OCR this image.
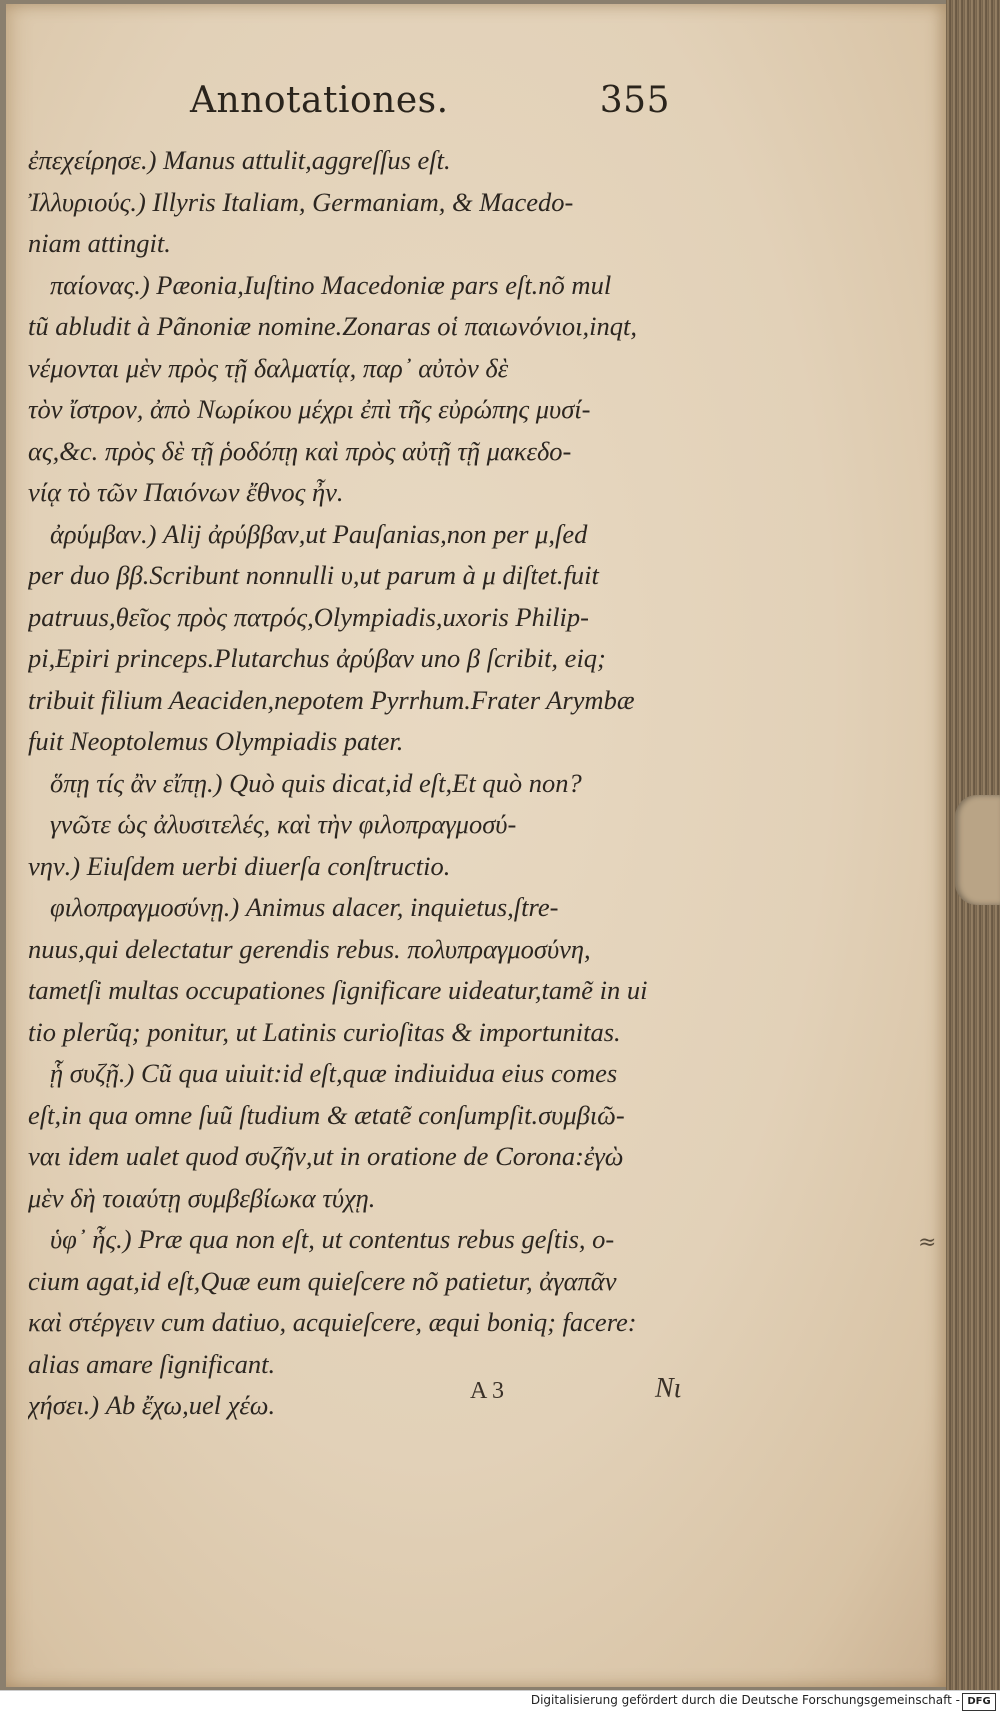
Annotationes.	355
ἐπεχείρησε.) Manus attulit,aggreſſus eſt.
Ἰλλυριούς.) Illyris Italiam, Germaniam, & Macedo-
niam attingit.
παίονας.) Pæonia,Iuſtino Macedoniæ pars eſt.nõ mul
tũ abludit à Pãnoniæ nomine.Zonaras οἱ παιωνόνιοι,inqt,
νέμονται μὲν πρὸς τῇ δαλματίᾳ, παρ᾽ αὐτὸν δὲ
τὸν ἴστρον, ἀπὸ Νωρίκου μέχρι ἐπὶ τῆς εὐρώπης μυσί-
ας,&c. πρὸς δὲ τῇ ῥοδόπῃ καὶ πρὸς αὐτῇ τῇ μακεδο-
νίᾳ τὸ τῶν Παιόνων ἔθνος ἦν.
ἀρύμβαν.) Alij ἀρύββαν,ut Pauſanias,non per μ,ſed
per duo ββ.Scribunt nonnulli υ,ut parum à μ diſtet.fuit
patruus,θεῖος πρὸς πατρός,Olympiadis,uxoris Philip-
pi,Epiri princeps.Plutarchus ἀρύβαν uno β ſcribit, eiq;
tribuit filium Aeaciden,nepotem Pyrrhum.Frater Arymbæ
fuit Neoptolemus Olympiadis pater.
ὅπῃ τίς ἂν εἴπῃ.) Quò quis dicat,id eſt,Et quò non?
γνῶτε ὡς ἀλυσιτελές, καὶ τὴν φιλοπραγμοσύ-
νην.) Eiuſdem uerbi diuerſa conſtructio.
φιλοπραγμοσύνῃ.) Animus alacer, inquietus,ſtre-
nuus,qui delectatur gerendis rebus. πολυπραγμοσύνη,
tametſi multas occupationes ſignificare uideatur,tamẽ in ui
tio plerũq; ponitur, ut Latinis curioſitas & importunitas.
ᾗ συζῇ.) Cũ qua uiuit:id eſt,quæ indiuidua eius comes
eſt,in qua omne ſuũ ſtudium & ætatẽ conſumpſit.συμβιῶ-
ναι idem ualet quod συζῆν,ut in oratione de Corona:ἐγὼ
μὲν δὴ τοιαύτῃ συμβεβίωκα τύχῃ.
ὑφ᾽ ἧς.) Præ qua non eſt, ut contentus rebus geſtis, o-
cium agat,id eſt,Quæ eum quieſcere nõ patietur, ἀγαπᾶν
καὶ στέργειν cum datiuo, acquieſcere, æqui boniq; facere:
alias amare ſignificant.
χήσει.) Ab ἔχω,uel χέω.	A 3	Νι
≈
Digitalisierung gefördert durch die Deutsche Forschungsgemeinschaft - DFG
